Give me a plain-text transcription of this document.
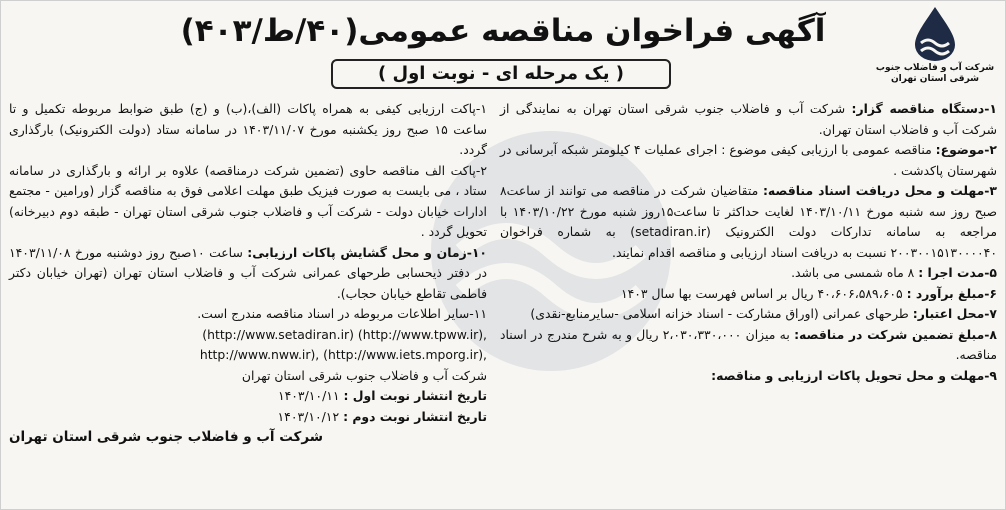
شرکت آب و فاضلاب جنوب
شرقی استان تهران
آگهی فراخوان مناقصه عمومی(۴۰/ط/۴۰۳)
( یک مرحله ای - نوبت اول )

۱-دستگاه مناقصه گزار: شرکت آب و فاضلاب جنوب شرقی استان تهران به نمایندگی از شرکت آب و فاضلاب استان تهران.

۲-موضوع: مناقصه عمومی با ارزیابی کیفی موضوع : اجرای عملیات ۴ کیلومتر شبکه آبرسانی در شهرستان پاکدشت .

۳-مهلت و محل دریافت اسناد مناقصه: متقاضیان شرکت در مناقصه می توانند از ساعت۸ صبح روز سه شنبه مورخ ۱۴۰۳/۱۰/۱۱ لغایت حداکثر تا ساعت۱۵روز شنبه مورخ ۱۴۰۳/۱۰/۲۲ با مراجعه به سامانه تدارکات دولت الکترونیک (setadiran.ir) به شماره فراخوان ۲۰۰۳۰۰۱۵۱۳۰۰۰۰۴۰ نسبت به دریافت اسناد ارزیابی و مناقصه اقدام نمایند.

۵-مدت اجرا : ۸ ماه شمسی می باشد.

۶-مبلغ برآورد : ۴۰،۶۰۶،۵۸۹،۶۰۵ ریال بر اساس فهرست بها سال ۱۴۰۳

۷-محل اعتبار: طرحهای عمرانی (اوراق مشارکت - اسناد خزانه اسلامی -سایرمنابع-نقدی)

۸-مبلغ تضمین شرکت در مناقصه: به میزان ۲،۰۳۰،۳۳۰،۰۰۰ ریال و به شرح مندرج در اسناد مناقصه.

۹-مهلت و محل تحویل پاکات ارزیابی و مناقصه:

۱-پاکت ارزیابی کیفی به همراه پاکات (الف)،(ب) و (ج) طبق ضوابط مربوطه تکمیل و تا ساعت ۱۵ صبح روز یکشنبه مورخ ۱۴۰۳/۱۱/۰۷ در سامانه ستاد (دولت الکترونیک) بارگذاری گردد.

۲-پاکت الف مناقصه حاوی (تضمین شرکت درمناقصه) علاوه بر ارائه و بارگذاری در سامانه ستاد ، می بایست به صورت فیزیک طبق مهلت اعلامی فوق به مناقصه گزار (ورامین - مجتمع ادارات خیابان دولت - شرکت آب و فاضلاب جنوب شرقی استان تهران - طبقه دوم دبیرخانه) تحویل گردد .

۱۰-زمان و محل گشایش پاکات ارزیابی: ساعت ۱۰صبح روز دوشنبه مورخ ۱۴۰۳/۱۱/۰۸ در دفتر ذیحسابی طرحهای عمرانی شرکت آب و فاضلاب استان تهران (تهران خیابان دکتر فاطمی تقاطع خیابان حجاب).

۱۱-سایر اطلاعات مربوطه در اسناد مناقصه مندرج است.

(http://www.setadiran.ir) (http://www.tpww.ir),

http://www.nww.ir), (http://www.iets.mporg.ir),

شرکت آب و فاضلاب جنوب شرقی استان تهران

تاریخ انتشار نوبت اول : ۱۴۰۳/۱۰/۱۱

تاریخ انتشار نوبت دوم : ۱۴۰۳/۱۰/۱۲

شرکت آب و فاضلاب جنوب شرقی استان تهران
